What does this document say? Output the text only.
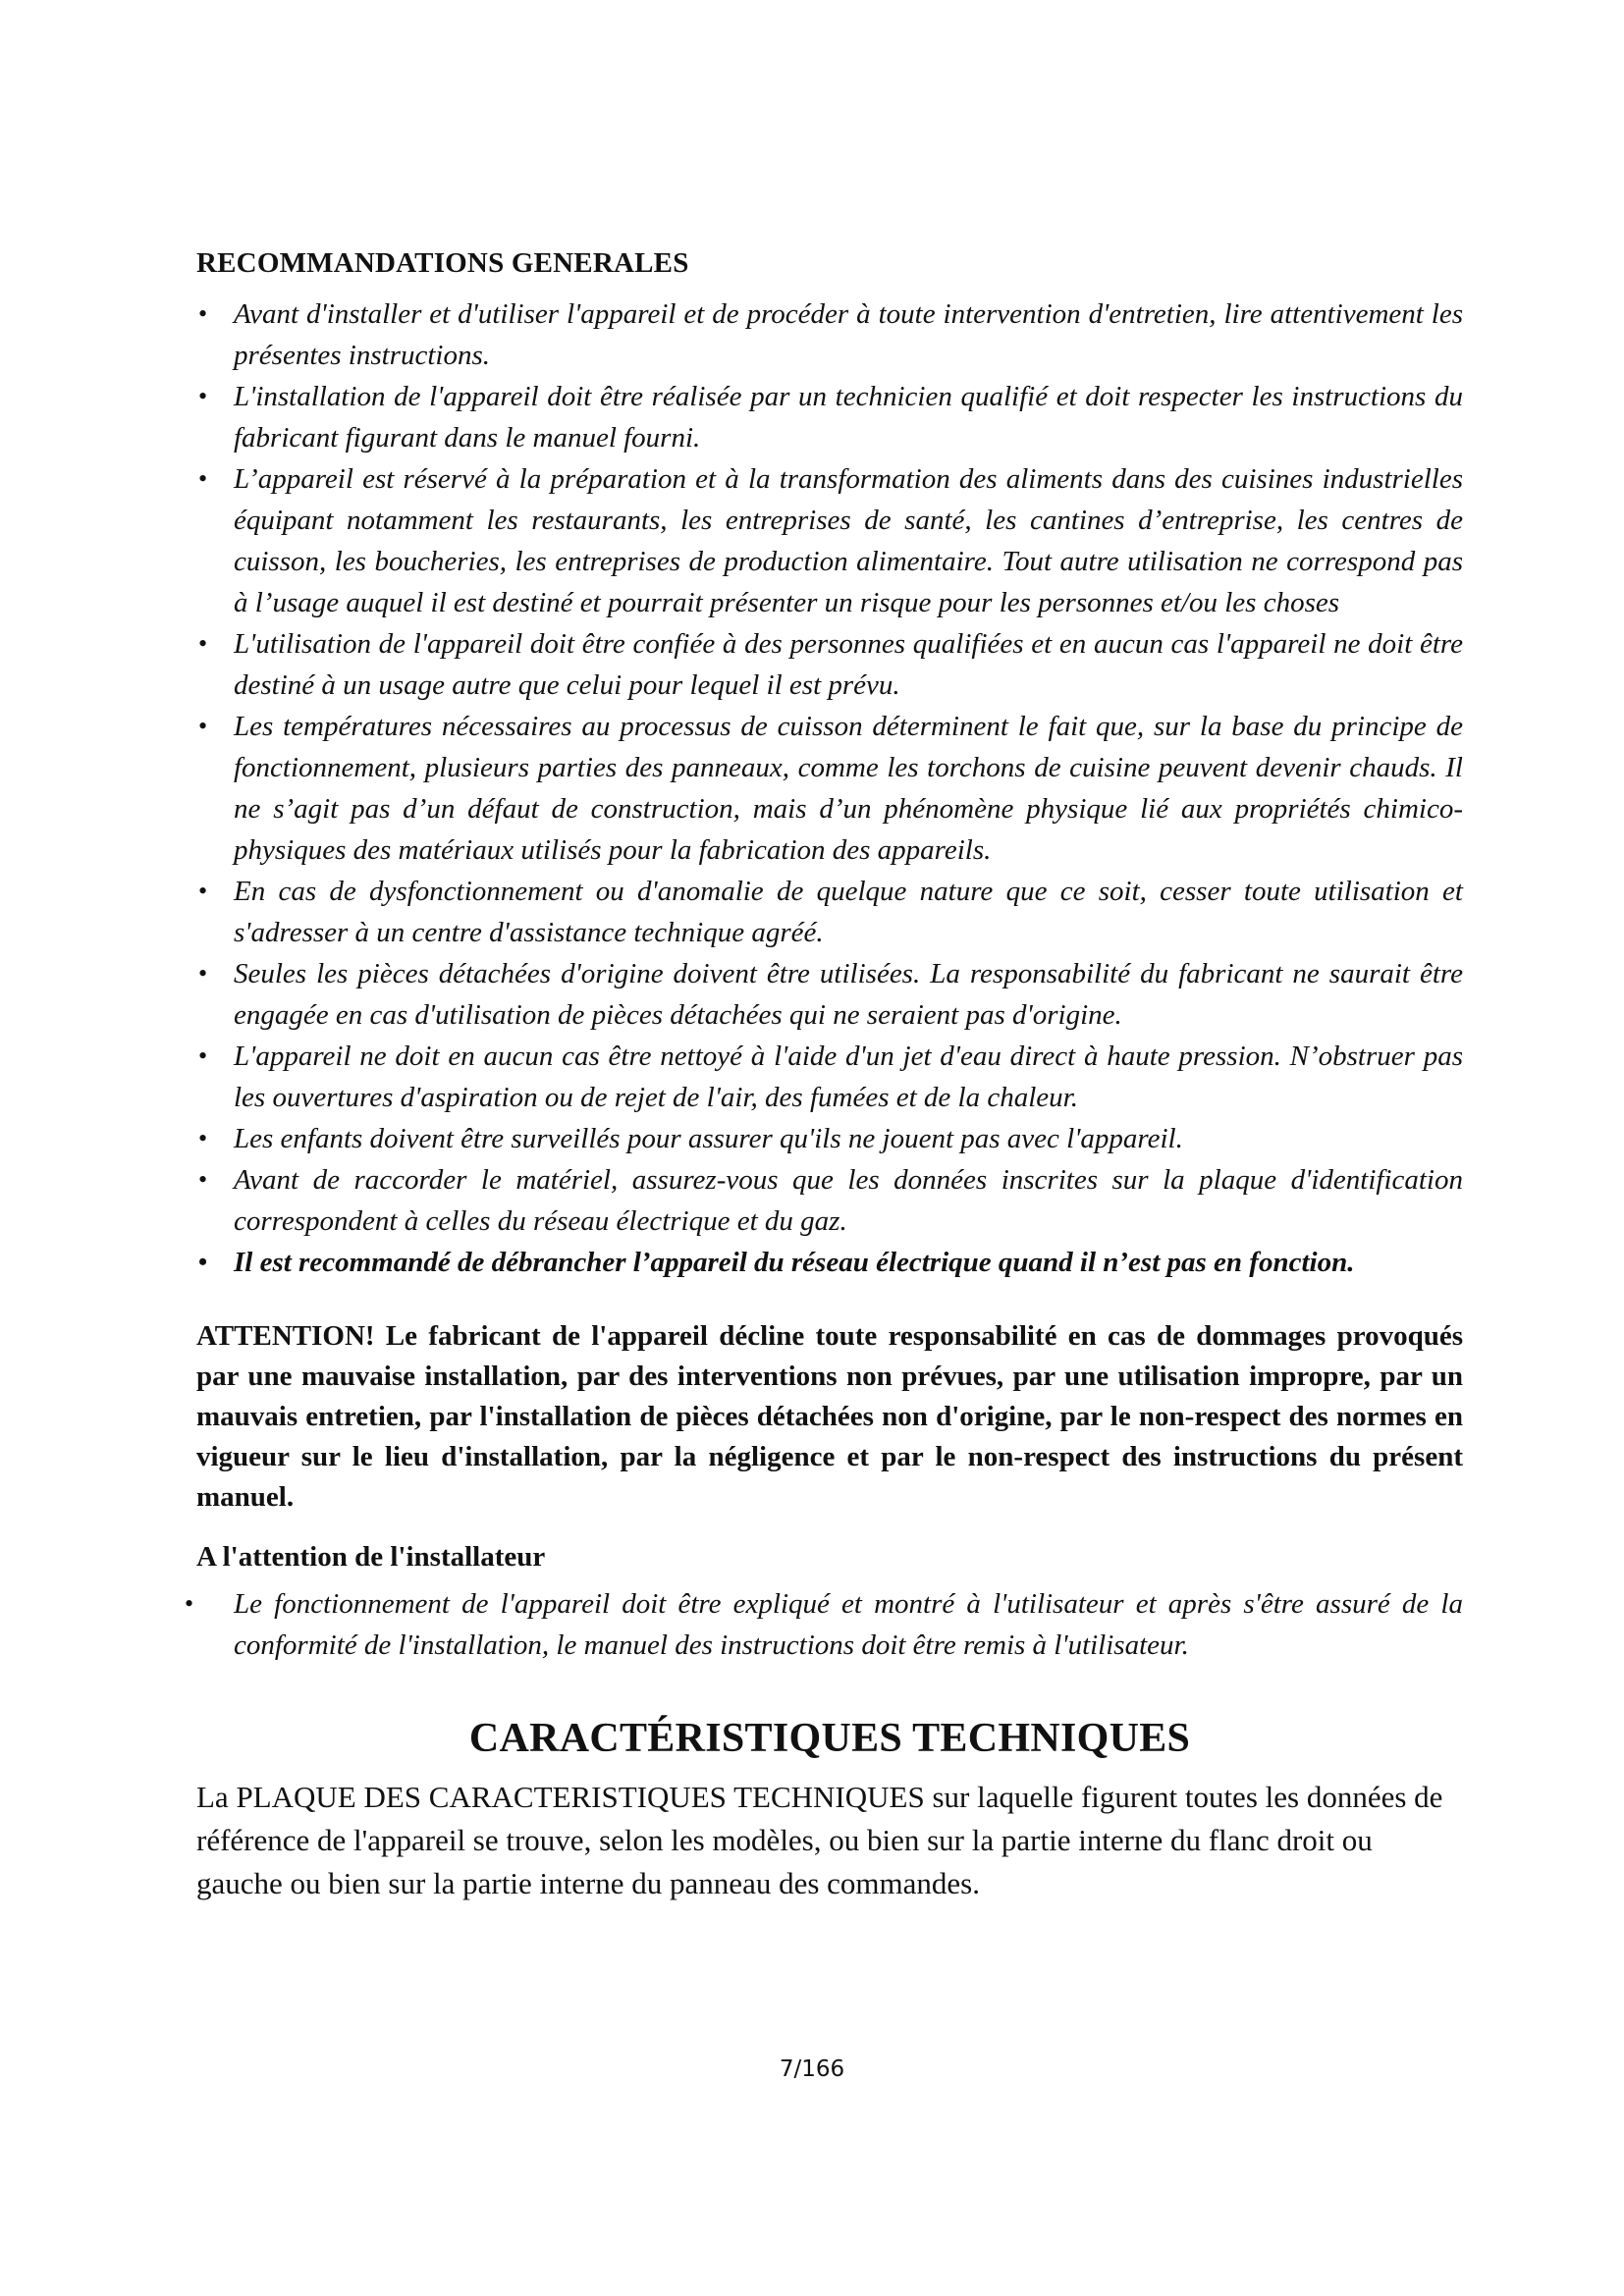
RECOMMANDATIONS GENERALES
• Avant d'installer et d'utiliser l'appareil et de procéder à toute intervention d'entretien, lire attentivement les présentes instructions.
• L'installation de l'appareil doit être réalisée par un technicien qualifié et doit respecter les instructions du fabricant figurant dans le manuel fourni.
• L’appareil est réservé à la préparation et à la transformation des aliments dans des cuisines industrielles équipant notamment les restaurants, les entreprises de santé, les cantines d’entreprise, les centres de cuisson, les boucheries, les entreprises de production alimentaire. Tout autre utilisation ne correspond pas à l’usage auquel il est destiné et pourrait présenter un risque pour les personnes et/ou les choses
• L'utilisation de l'appareil doit être confiée à des personnes qualifiées et en aucun cas l'appareil ne doit être destiné à un usage autre que celui pour lequel il est prévu.
• Les températures nécessaires au processus de cuisson déterminent le fait que, sur la base du principe de fonctionnement, plusieurs parties des panneaux, comme les torchons de cuisine peuvent devenir chauds. Il ne s’agit pas d’un défaut de construction, mais d’un phénomène physique lié aux propriétés chimico-physiques des matériaux utilisés pour la fabrication des appareils.
• En cas de dysfonctionnement ou d'anomalie de quelque nature que ce soit, cesser toute utilisation et s'adresser à un centre d'assistance technique agréé.
• Seules les pièces détachées d'origine doivent être utilisées. La responsabilité du fabricant ne saurait être engagée en cas d'utilisation de pièces détachées qui ne seraient pas d'origine.
• L'appareil ne doit en aucun cas être nettoyé à l'aide d'un jet d'eau direct à haute pression. N’obstruer pas les ouvertures d'aspiration ou de rejet de l'air, des fumées et de la chaleur.
• Les enfants doivent être surveillés pour assurer qu'ils ne jouent pas avec l'appareil.
• Avant de raccorder le matériel, assurez-vous que les données inscrites sur la plaque d'identification correspondent à celles du réseau électrique et du gaz.
• Il est recommandé de débrancher l’appareil du réseau électrique quand il n’est pas en fonction.
ATTENTION! Le fabricant de l'appareil décline toute responsabilité en cas de dommages provoqués par une mauvaise installation, par des interventions non prévues, par une utilisation impropre, par un mauvais entretien, par l'installation de pièces détachées non d'origine, par le non-respect des normes en vigueur sur le lieu d'installation, par la négligence et par le non-respect des instructions du présent manuel.
A l'attention de l'installateur
• Le fonctionnement de l'appareil doit être expliqué et montré à l'utilisateur et après s'être assuré de la conformité de l'installation, le manuel des instructions doit être remis à l'utilisateur.
CARACTÉRISTIQUES TECHNIQUES

La PLAQUE DES CARACTERISTIQUES TECHNIQUES sur laquelle figurent toutes les données de référence de l'appareil se trouve, selon les modèles, ou bien sur la partie interne du flanc droit ou gauche ou bien sur la partie interne du panneau des commandes.

7/166
